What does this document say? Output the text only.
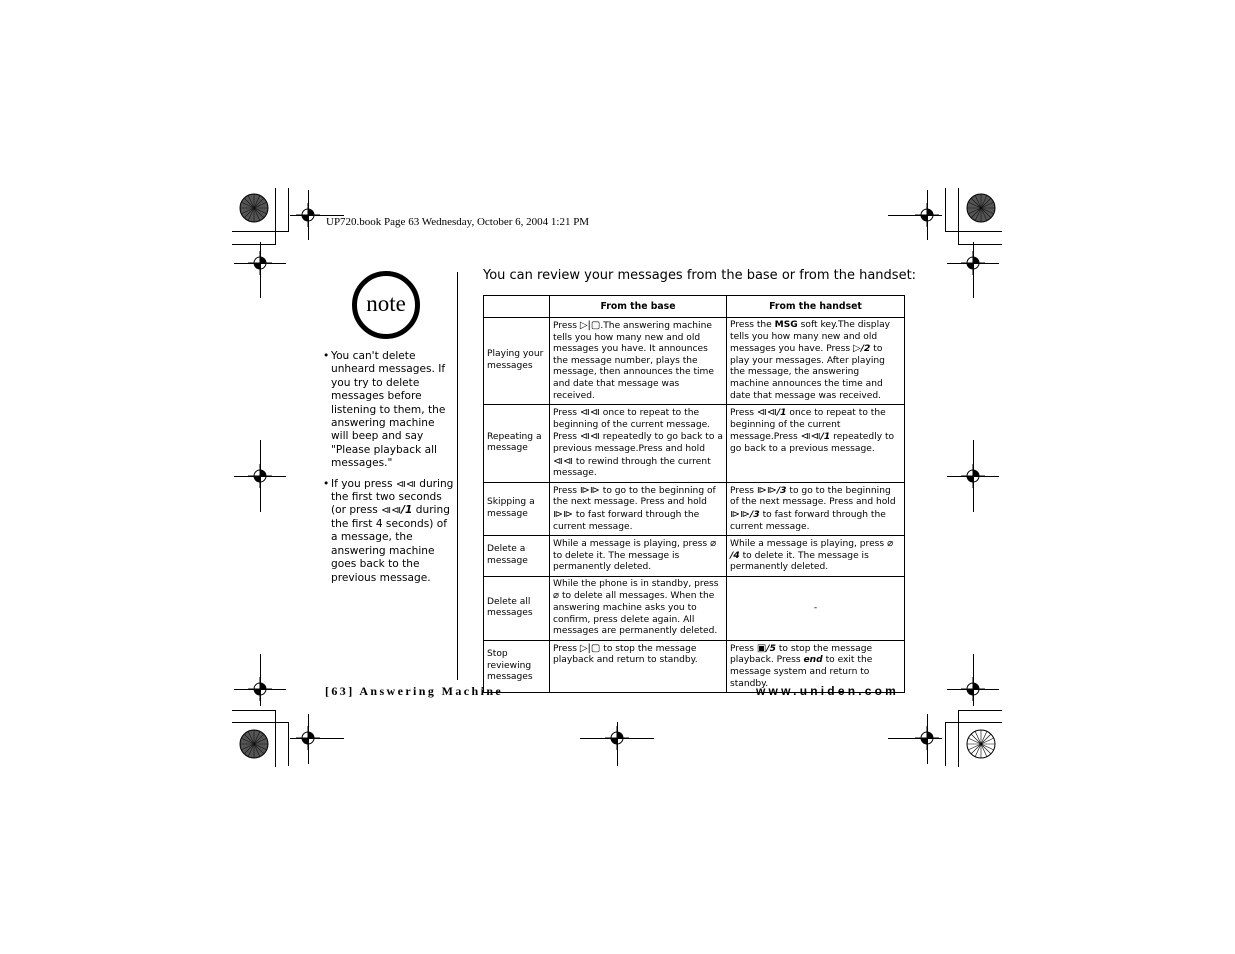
UP720.book Page 63 Wednesday, October 6, 2004 1:21 PM
note
• You can't delete unheard messages. If you try to delete messages before listening to them, the answering machine will beep and say "Please playback all messages."
• If you press ⧏⧏ during the first two seconds (or press ⧏⧏/1 during the first 4 seconds) of a message, the answering machine goes back to the previous message.
You can review your messages from the base or from the handset:
	From the base	From the handset
Playing your messages	Press ▷|▢.The answering machine tells you how many new and old messages you have. It announces the message number, plays the message, then announces the time and date that message was received.	Press the MSG soft key.The display tells you how many new and old messages you have. Press ▷/2 to play your messages. After playing the message, the answering machine announces the time and date that message was received.
Repeating a message	Press ⧏⧏ once to repeat to the beginning of the current message. Press ⧏⧏ repeatedly to go back to a previous message.Press and hold ⧏⧏ to rewind through the current message.	Press ⧏⧏/1 once to repeat to the beginning of the current message.Press ⧏⧏/1 repeatedly to go back to a previous message.
Skipping a message	Press ⧐⧐ to go to the beginning of the next message. Press and hold ⧐⧐ to fast forward through the current message.	Press ⧐⧐/3 to go to the beginning of the next message. Press and hold ⧐⧐/3 to fast forward through the current message.
Delete a message	While a message is playing, press ⌀ to delete it. The message is permanently deleted.	While a message is playing, press ⌀/4 to delete it. The message is permanently deleted.
Delete all messages	While the phone is in standby, press ⌀ to delete all messages. When the answering machine asks you to confirm, press delete again. All messages are permanently deleted.	-
Stop reviewing messages	Press ▷|▢ to stop the message playback and return to standby.	Press ▣/5 to stop the message playback. Press end to exit the message system and return to standby.
[63] Answering Machine	www.uniden.com
